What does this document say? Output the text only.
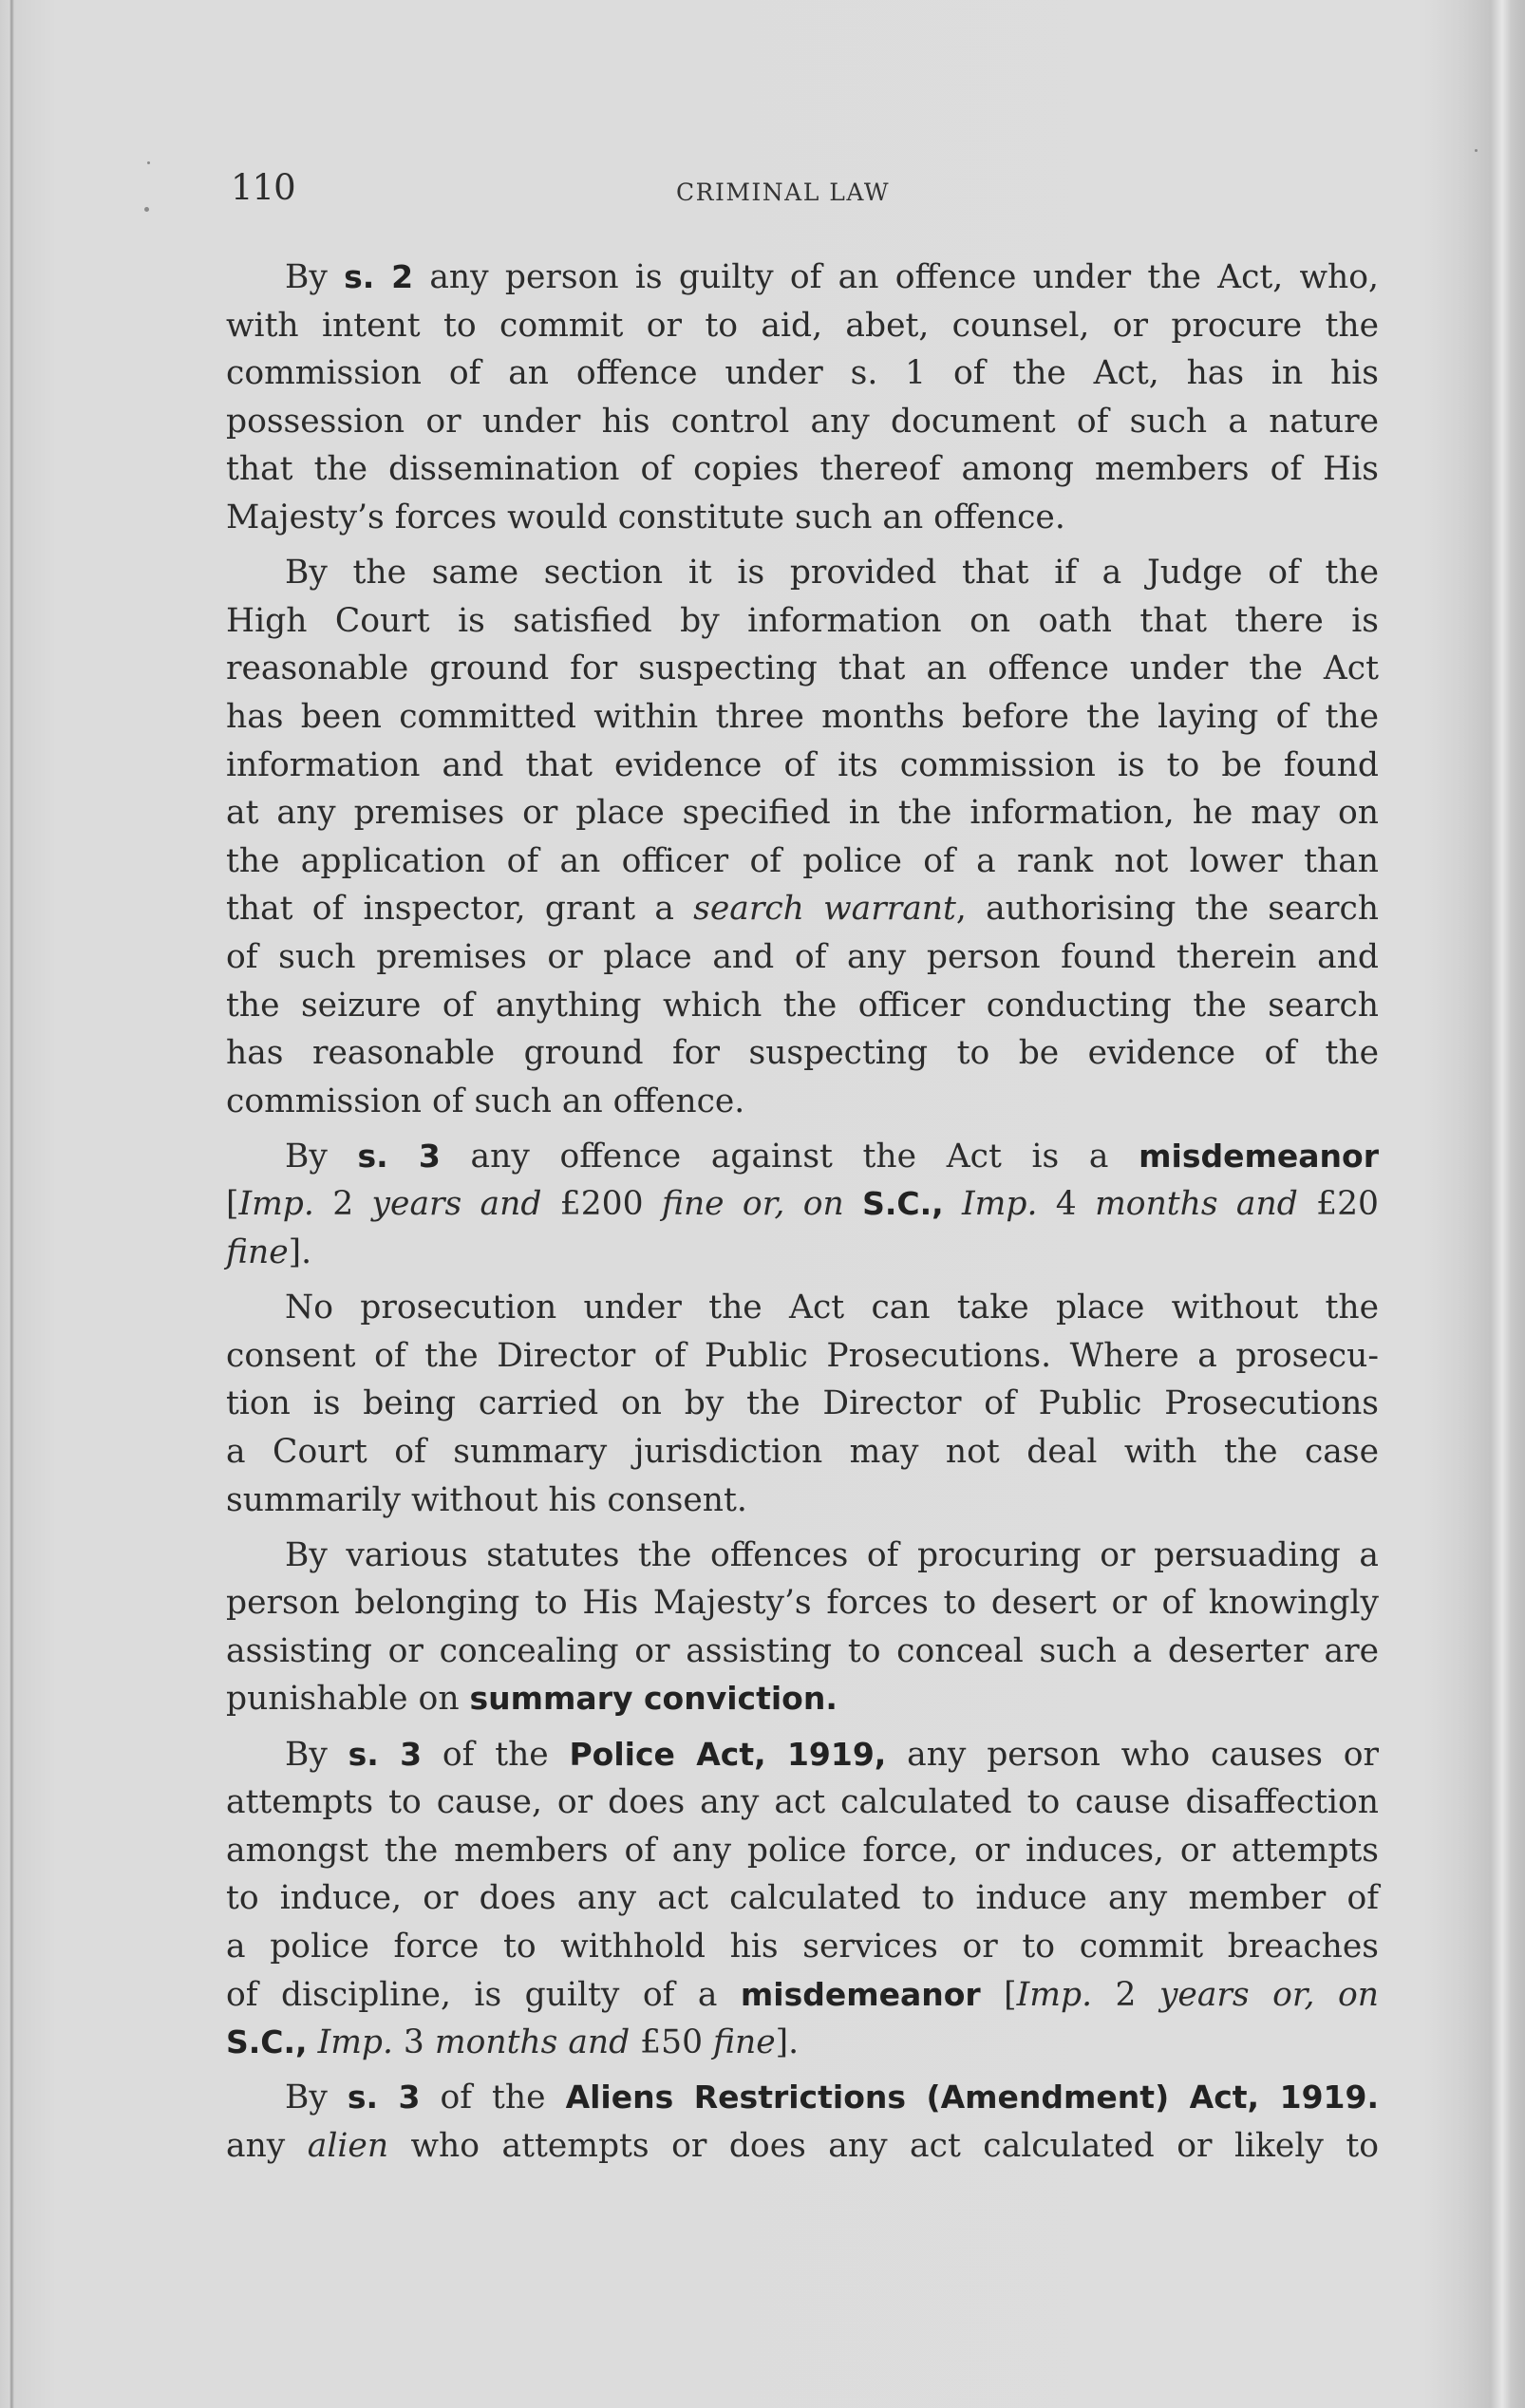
110	CRIMINAL LAW
By s. 2 any person is guilty of an offence under the Act, who,
with intent to commit or to aid, abet, counsel, or procure the
commission of an offence under s. 1 of the Act, has in his
possession or under his control any document of such a nature
that the dissemination of copies thereof among members of His
Majesty’s forces would constitute such an offence.
By the same section it is provided that if a Judge of the
High Court is satisfied by information on oath that there is
reasonable ground for suspecting that an offence under the Act
has been committed within three months before the laying of the
information and that evidence of its commission is to be found
at any premises or place specified in the information, he may on
the application of an officer of police of a rank not lower than
that of inspector, grant a search warrant, authorising the search
of such premises or place and of any person found therein and
the seizure of anything which the officer conducting the search
has reasonable ground for suspecting to be evidence of the
commission of such an offence.
By s. 3 any offence against the Act is a misdemeanor
[Imp. 2 years and £200 fine or, on S.C., Imp. 4 months and £20
fine].
No prosecution under the Act can take place without the
consent of the Director of Public Prosecutions. Where a prosecu-
tion is being carried on by the Director of Public Prosecutions
a Court of summary jurisdiction may not deal with the case
summarily without his consent.
By various statutes the offences of procuring or persuading a
person belonging to His Majesty’s forces to desert or of knowingly
assisting or concealing or assisting to conceal such a deserter are
punishable on summary conviction.
By s. 3 of the Police Act, 1919, any person who causes or
attempts to cause, or does any act calculated to cause disaffection
amongst the members of any police force, or induces, or attempts
to induce, or does any act calculated to induce any member of
a police force to withhold his services or to commit breaches
of discipline, is guilty of a misdemeanor [Imp. 2 years or, on
S.C., Imp. 3 months and £50 fine].
By s. 3 of the Aliens Restrictions (Amendment) Act, 1919.
any alien who attempts or does any act calculated or likely to
